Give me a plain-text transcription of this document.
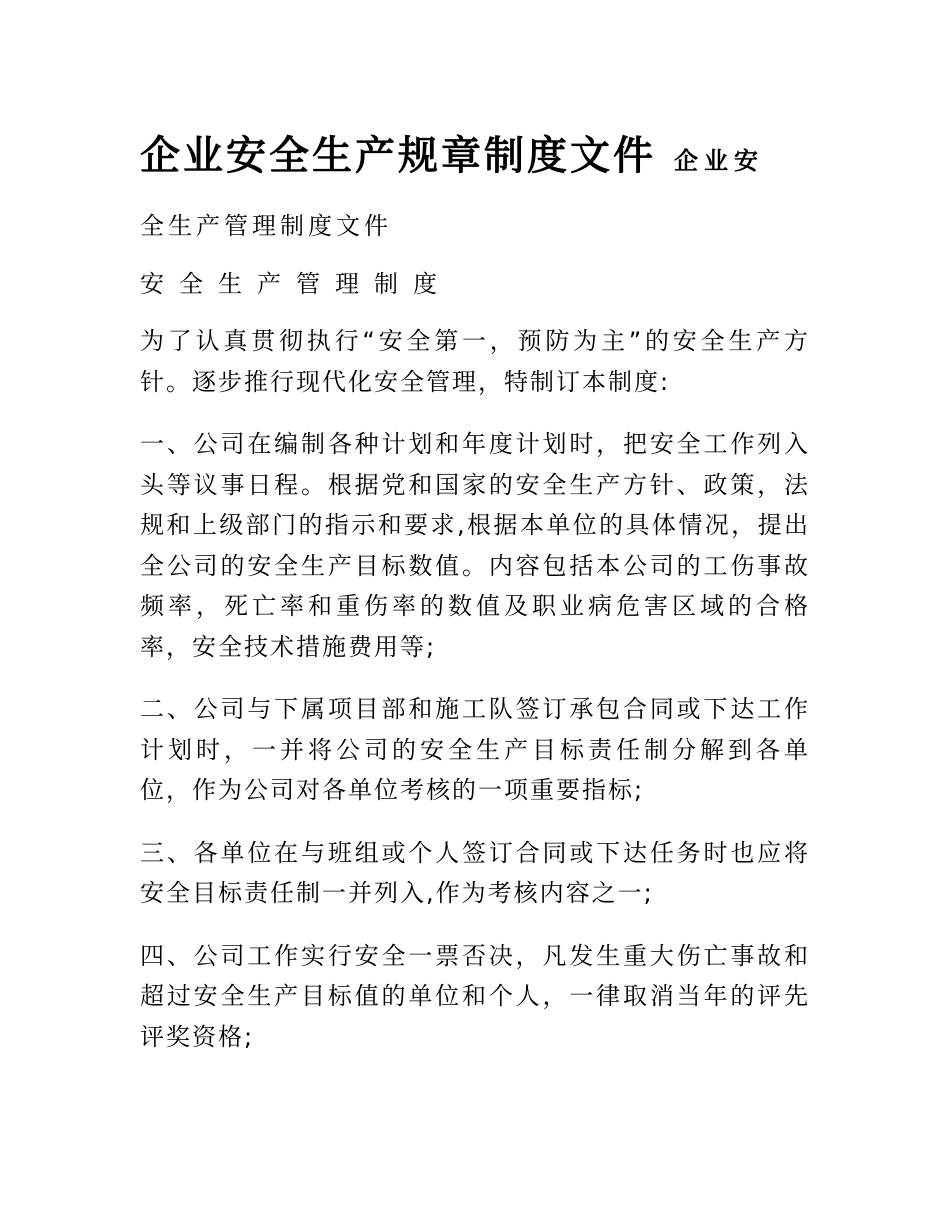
企业安全生产规章制度文件 企业安

全生产管理制度文件

安全生产管理制度

为了认真贯彻执行“安全第一，预防为主”的安全生产方针。逐步推行现代化安全管理，特制订本制度:

一、公司在编制各种计划和年度计划时，把安全工作列入头等议事日程。根据党和国家的安全生产方针、政策，法规和上级部门的指示和要求,根据本单位的具体情况，提出全公司的安全生产目标数值。内容包括本公司的工伤事故频率，死亡率和重伤率的数值及职业病危害区域的合格率，安全技术措施费用等;

二、公司与下属项目部和施工队签订承包合同或下达工作计划时，一并将公司的安全生产目标责任制分解到各单位，作为公司对各单位考核的一项重要指标;

三、各单位在与班组或个人签订合同或下达任务时也应将安全目标责任制一并列入,作为考核内容之一;

四、公司工作实行安全一票否决，凡发生重大伤亡事故和超过安全生产目标值的单位和个人，一律取消当年的评先评奖资格;
